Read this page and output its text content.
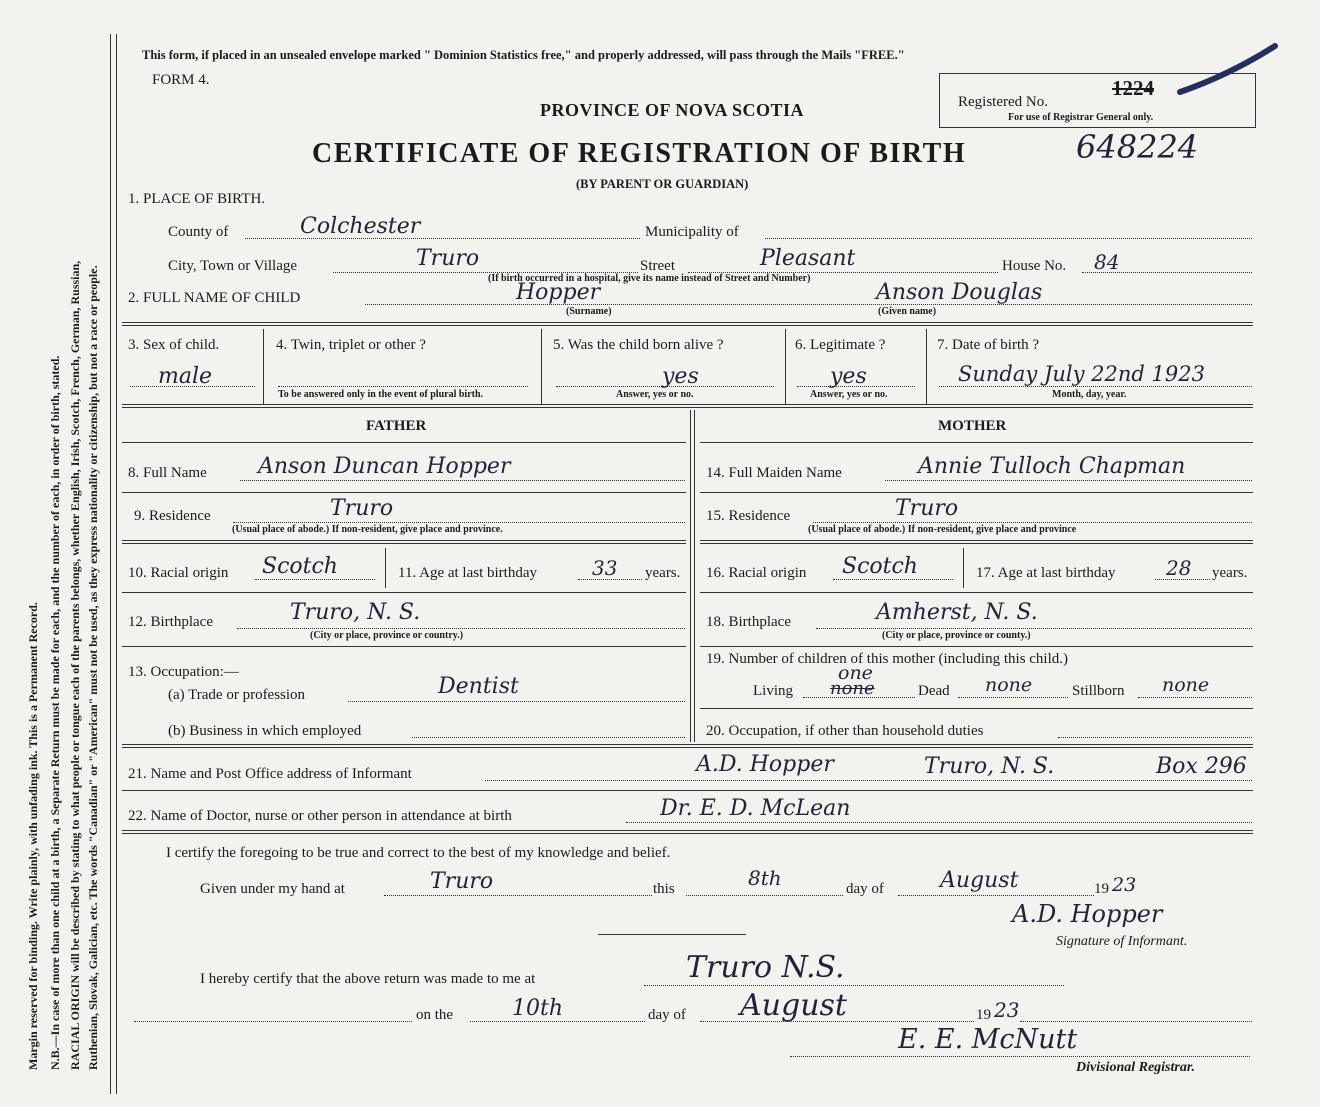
Margin reserved for binding. Write plainly, with unfading ink. This is a Permanent Record. N.B.—In case of more than one child at a birth, a Separate Return must be made for each, and the number of each, in order of birth, stated. RACIAL ORIGIN will be described by stating to what people or tongue each of the parents belongs, whether English, Irish, Scotch, French, German, Russian, Ruthenian, Slovak, Galician, etc. The words "Canadian" or "American" must not be used, as they express nationality or citizenship, but not a race or people.
This form, if placed in an unsealed envelope marked " Dominion Statistics free," and properly addressed, will pass through the Mails "FREE."
FORM 4.
PROVINCE OF NOVA SCOTIA	Registered No.
1224
For use of Registrar General only.
CERTIFICATE OF REGISTRATION OF BIRTH	648224
(BY PARENT OR GUARDIAN)
1. PLACE OF BIRTH.
County of	Colchester	Municipality of
City, Town or Village	Truro	Street	Pleasant	House No. 84
(If birth occurred in a hospital, give its name instead of Street and Number)
2. FULL NAME OF CHILD	Hopper
(Surname)
Anson Douglas
(Given name)
3. Sex of child.
male
4. Twin, triplet or other ?
To be answered only in the event of plural birth.
5. Was the child born alive ?
yes
Answer, yes or no.
6. Legitimate ?
yes
Answer, yes or no.
7. Date of birth ?
Sunday July 22nd 1923
Month, day, year.
FATHER	MOTHER
8. Full Name Anson Duncan Hopper	14. Full Maiden Name	Annie Tulloch Chapman
9. Residence	Truro
(Usual place of abode.) If non-resident, give place and province.
15. Residence	Truro
(Usual place of abode.) If non-resident, give place and province
10. Racial origin Scotch	11. Age at last birthday	33 years. 16. Racial origin Scotch	17. Age at last birthday	28 years.
12. Birthplace	Truro, N. S.
(City or place, province or country.)
18. Birthplace	Amherst, N. S.
(City or place, province or county.)
13. Occupation:—
(a) Trade or profession	Dentist
(b) Business in which employed
19. Number of children of this mother (including this child.)
Living
one
none	Dead none	Stillborn none
20. Occupation, if other than household duties
21. Name and Post Office address of Informant	A.D. Hopper	Truro, N. S.	Box 296
22. Name of Doctor, nurse or other person in attendance at birth	Dr. E. D. McLean
I certify the foregoing to be true and correct to the best of my knowledge and belief.
Given under my hand at	Truro	this	8th	day of	August	19 23
A.D. Hopper
Signature of Informant.
I hereby certify that the above return was made to me at	Truro N.S.
on the	10th	day of August	19 23
E. E. McNutt
Divisional Registrar.
